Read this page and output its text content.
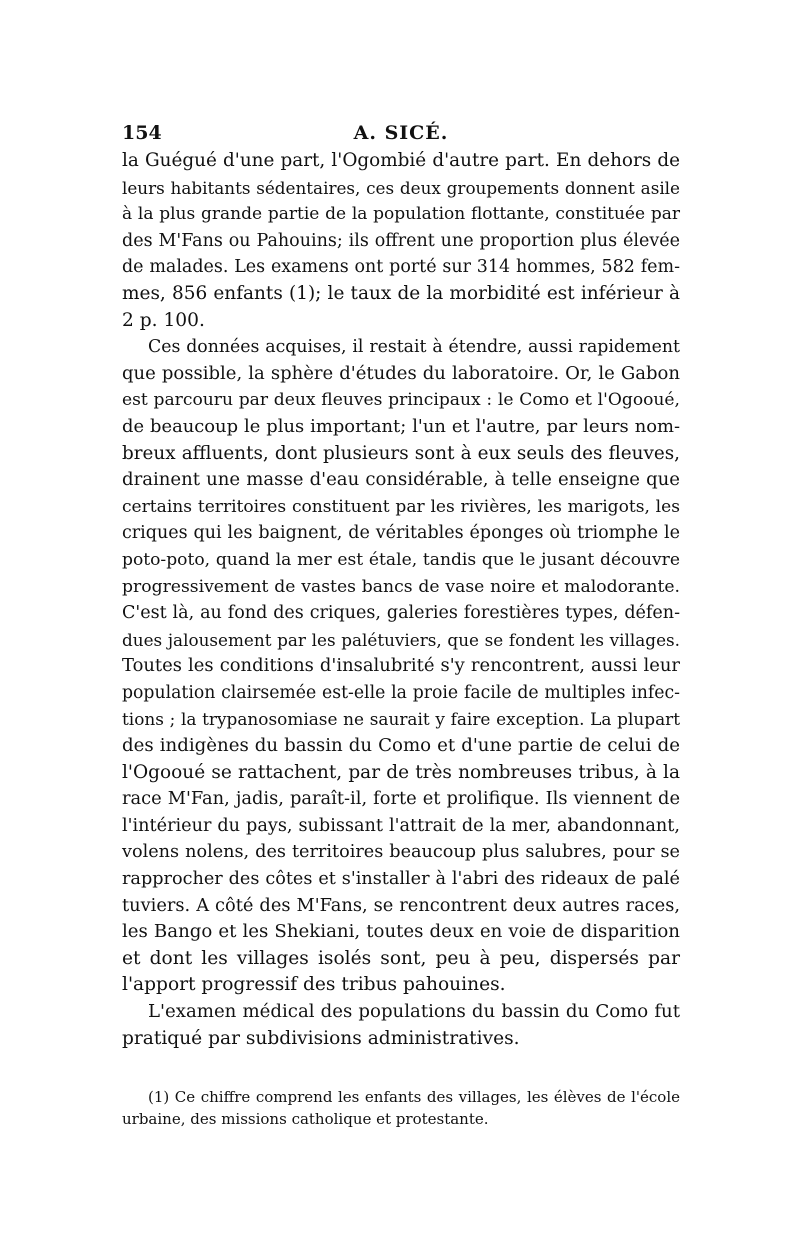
154	A. SICÉ.
la Guégué d'une part, l'Ogombié d'autre part. En dehors de
leurs habitants sédentaires, ces deux groupements donnent asile
à la plus grande partie de la population flottante, constituée par
des M'Fans ou Pahouins; ils offrent une proportion plus élevée
de malades. Les examens ont porté sur 314 hommes, 582 fem-
mes, 856 enfants (1); le taux de la morbidité est inférieur à
2 p. 100.
Ces données acquises, il restait à étendre, aussi rapidement
que possible, la sphère d'études du laboratoire. Or, le Gabon
est parcouru par deux fleuves principaux : le Como et l'Ogooué,
de beaucoup le plus important; l'un et l'autre, par leurs nom-
breux affluents, dont plusieurs sont à eux seuls des fleuves,
drainent une masse d'eau considérable, à telle enseigne que
certains territoires constituent par les rivières, les marigots, les
criques qui les baignent, de véritables éponges où triomphe le
poto-poto, quand la mer est étale, tandis que le jusant découvre
progressivement de vastes bancs de vase noire et malodorante.
C'est là, au fond des criques, galeries forestières types, défen-
dues jalousement par les palétuviers, que se fondent les villages.
Toutes les conditions d'insalubrité s'y rencontrent, aussi leur
population clairsemée est-elle la proie facile de multiples infec-
tions ; la trypanosomiase ne saurait y faire exception. La plupart
des indigènes du bassin du Como et d'une partie de celui de
l'Ogooué se rattachent, par de très nombreuses tribus, à la
race M'Fan, jadis, paraît-il, forte et prolifique. Ils viennent de
l'intérieur du pays, subissant l'attrait de la mer, abandonnant,
volens nolens, des territoires beaucoup plus salubres, pour se
rapprocher des côtes et s'installer à l'abri des rideaux de palé
tuviers. A côté des M'Fans, se rencontrent deux autres races,
les Bango et les Shekiani, toutes deux en voie de disparition
et dont les villages isolés sont, peu à peu, dispersés par
l'apport progressif des tribus pahouines.
L'examen médical des populations du bassin du Como fut
pratiqué par subdivisions administratives.
(1) Ce chiffre comprend les enfants des villages, les élèves de l'école
urbaine, des missions catholique et protestante.
